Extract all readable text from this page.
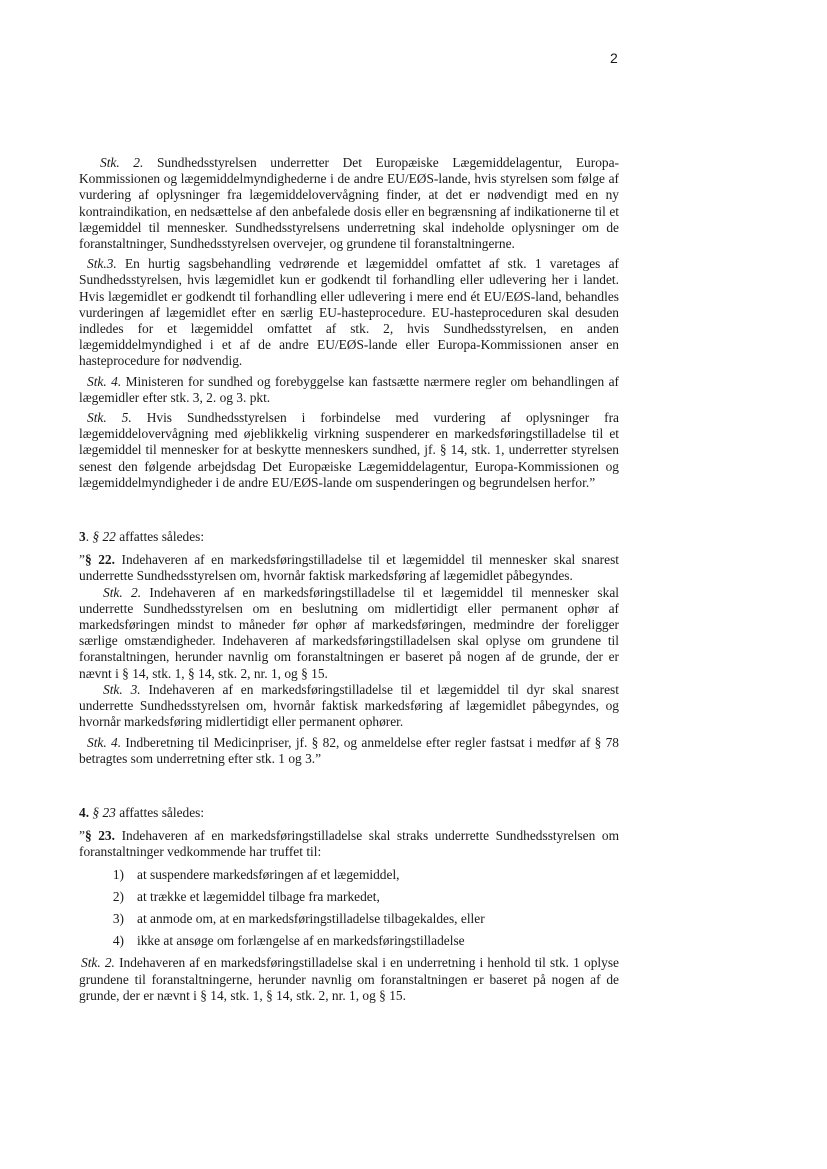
2

Stk. 2. Sundhedsstyrelsen underretter Det Europæiske Lægemiddelagentur, Europa-Kommissionen og lægemiddelmyndighederne i de andre EU/EØS-lande, hvis styrelsen som følge af vurdering af oplysninger fra lægemiddelovervågning finder, at det er nødvendigt med en ny kontraindikation, en nedsættelse af den anbefalede dosis eller en begrænsning af indikationerne til et lægemiddel til mennesker. Sundhedsstyrelsens underretning skal indeholde oplysninger om de foranstaltninger, Sundhedsstyrelsen overvejer, og grundene til foranstaltningerne.

Stk.3. En hurtig sagsbehandling vedrørende et lægemiddel omfattet af stk. 1 varetages af Sundhedsstyrelsen, hvis lægemidlet kun er godkendt til forhandling eller udlevering her i landet. Hvis lægemidlet er godkendt til forhandling eller udlevering i mere end ét EU/EØS-land, behandles vurderingen af lægemidlet efter en særlig EU-hasteprocedure. EU-hasteproceduren skal desuden indledes for et lægemiddel omfattet af stk. 2, hvis Sundhedsstyrelsen, en anden lægemiddelmyndighed i et af de andre EU/EØS-lande eller Europa-Kommissionen anser en hasteprocedure for nødvendig.

Stk. 4. Ministeren for sundhed og forebyggelse kan fastsætte nærmere regler om behandlingen af lægemidler efter stk. 3, 2. og 3. pkt.

Stk. 5. Hvis Sundhedsstyrelsen i forbindelse med vurdering af oplysninger fra lægemiddelovervågning med øjeblikkelig virkning suspenderer en markedsføringstilladelse til et lægemiddel til mennesker for at beskytte menneskers sundhed, jf. § 14, stk. 1, underretter styrelsen senest den følgende arbejdsdag Det Europæiske Lægemiddelagentur, Europa-Kommissionen og lægemiddelmyndigheder i de andre EU/EØS-lande om suspenderingen og begrundelsen herfor.”

3. § 22 affattes således:

”§ 22. Indehaveren af en markedsføringstilladelse til et lægemiddel til mennesker skal snarest underrette Sundhedsstyrelsen om, hvornår faktisk markedsføring af lægemidlet påbegyndes.

Stk. 2. Indehaveren af en markedsføringstilladelse til et lægemiddel til mennesker skal underrette Sundhedsstyrelsen om en beslutning om midlertidigt eller permanent ophør af markedsføringen mindst to måneder før ophør af markedsføringen, medmindre der foreligger særlige omstændigheder. Indehaveren af markedsføringstilladelsen skal oplyse om grundene til foranstaltningen, herunder navnlig om foranstaltningen er baseret på nogen af de grunde, der er nævnt i § 14, stk. 1, § 14, stk. 2, nr. 1, og § 15.

Stk. 3. Indehaveren af en markedsføringstilladelse til et lægemiddel til dyr skal snarest underrette Sundhedsstyrelsen om, hvornår faktisk markedsføring af lægemidlet påbegyndes, og hvornår markedsføring midlertidigt eller permanent ophører.

Stk. 4. Indberetning til Medicinpriser, jf. § 82, og anmeldelse efter regler fastsat i medfør af § 78 betragtes som underretning efter stk. 1 og 3.”

4. § 23 affattes således:

”§ 23. Indehaveren af en markedsføringstilladelse skal straks underrette Sundhedsstyrelsen om foranstaltninger vedkommende har truffet til:

1) at suspendere markedsføringen af et lægemiddel,
2) at trække et lægemiddel tilbage fra markedet,
3) at anmode om, at en markedsføringstilladelse tilbagekaldes, eller
4) ikke at ansøge om forlængelse af en markedsføringstilladelse

Stk. 2. Indehaveren af en markedsføringstilladelse skal i en underretning i henhold til stk. 1 oplyse grundene til foranstaltningerne, herunder navnlig om foranstaltningen er baseret på nogen af de grunde, der er nævnt i § 14, stk. 1, § 14, stk. 2, nr. 1, og § 15.
